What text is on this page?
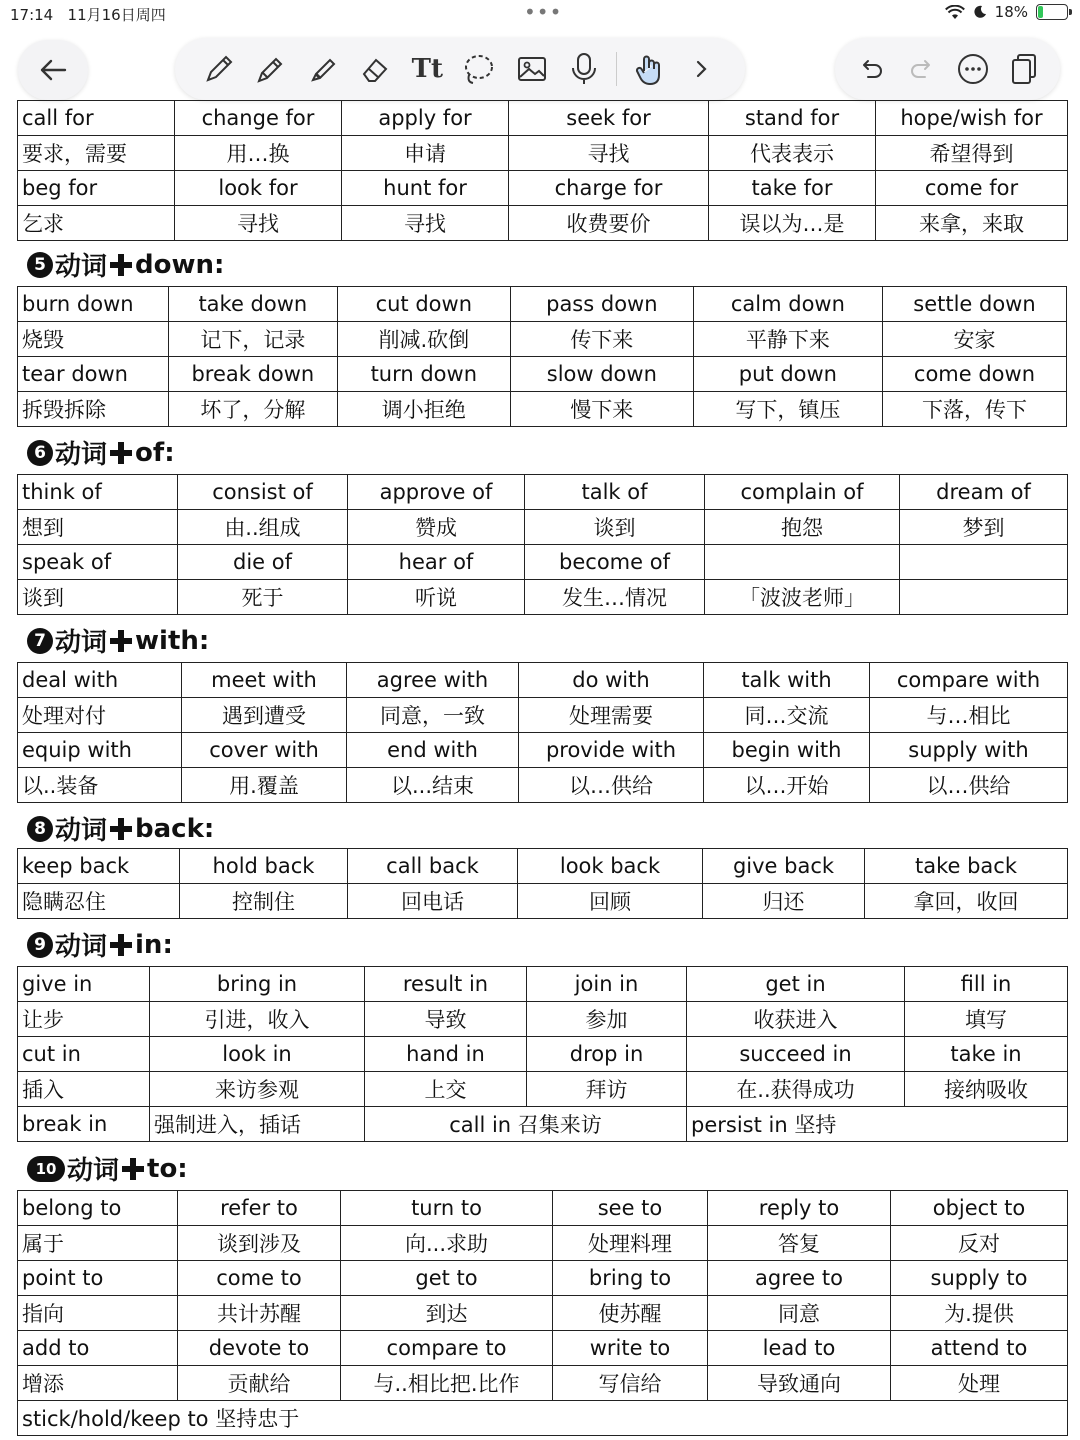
17:14 11月16日周四	•••	18%
Tt
call for	change for	apply for	seek for	stand for	hope/wish for
要求，需要	用…换	申请	寻找	代表表示	希望得到
beg for	look for	hunt for	charge for	take for	come for
乞求	寻找	寻找	收费要价	误以为…是	来拿，来取
5 动词 down:
burn down	take down	cut down	pass down	calm down	settle down
烧毁	记下，记录	削减.砍倒	传下来	平静下来	安家
tear down	break down	turn down	slow down	put down	come down
拆毁拆除	坏了，分解	调小拒绝	慢下来	写下，镇压	下落，传下
6 动词 of:
think of	consist of	approve of	talk of	complain of	dream of
想到	由..组成	赞成	谈到	抱怨	梦到
speak of	die of	hear of	become of		
谈到	死于	听说	发生…情况	「波波老师」	
7 动词 with:
deal with	meet with	agree with	do with	talk with	compare with
处理对付	遇到遭受	同意，一致	处理需要	同…交流	与…相比
equip with	cover with	end with	provide with	begin with	supply with
以..装备	用.覆盖	以...结束	以…供给	以…开始	以…供给
8 动词 back:
keep back	hold back	call back	look back	give back	take back
隐瞒忍住	控制住	回电话	回顾	归还	拿回，收回
9 动词 in:
give in	bring in	result in	join in	get in	fill in
让步	引进，收入	导致	参加	收获进入	填写
cut in	look in	hand in	drop in	succeed in	take in
插入	来访参观	上交	拜访	在..获得成功	接纳吸收
break in	强制进入，插话	call in 召集来访		persist in 坚持	
10 动词 to:
belong to	refer to	turn to	see to	reply to	object to
属于	谈到涉及	向...求助	处理料理	答复	反对
point to	come to	get to	bring to	agree to	supply to
指向	共计苏醒	到达	使苏醒	同意	为.提供
add to	devote to	compare to	write to	lead to	attend to
增添	贡献给	与..相比把.比作	写信给	导致通向	处理
stick/hold/keep to 坚持忠于					
